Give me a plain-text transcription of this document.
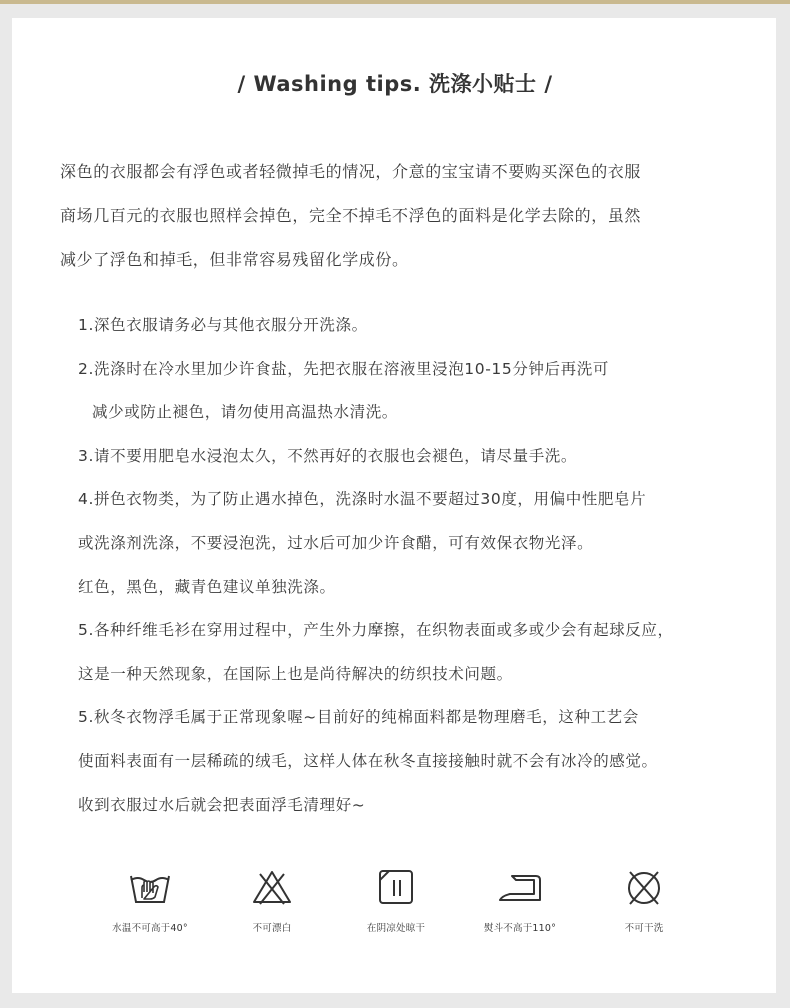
/ Washing tips. 洗涤小贴士 /

深色的衣服都会有浮色或者轻微掉毛的情况，介意的宝宝请不要购买深色的衣服

商场几百元的衣服也照样会掉色，完全不掉毛不浮色的面料是化学去除的，虽然

减少了浮色和掉毛，但非常容易残留化学成份。

1.深色衣服请务必与其他衣服分开洗涤。
2.洗涤时在冷水里加少许食盐，先把衣服在溶液里浸泡10-15分钟后再洗可
减少或防止褪色，请勿使用高温热水清洗。
3.请不要用肥皂水浸泡太久，不然再好的衣服也会褪色，请尽量手洗。
4.拼色衣物类，为了防止遇水掉色，洗涤时水温不要超过30度，用偏中性肥皂片
或洗涤剂洗涤，不要浸泡洗，过水后可加少许食醋，可有效保衣物光泽。
红色，黑色，藏青色建议单独洗涤。
5.各种纤维毛衫在穿用过程中，产生外力摩擦，在织物表面或多或少会有起球反应，
这是一种天然现象，在国际上也是尚待解决的纺织技术问题。
5.秋冬衣物浮毛属于正常现象喔~目前好的纯棉面料都是物理磨毛，这种工艺会
使面料表面有一层稀疏的绒毛，这样人体在秋冬直接接触时就不会有冰冷的感觉。
收到衣服过水后就会把表面浮毛清理好~
水温不可高于40°	不可漂白	在阴凉处晾干	熨斗不高于110°	不可干洗
